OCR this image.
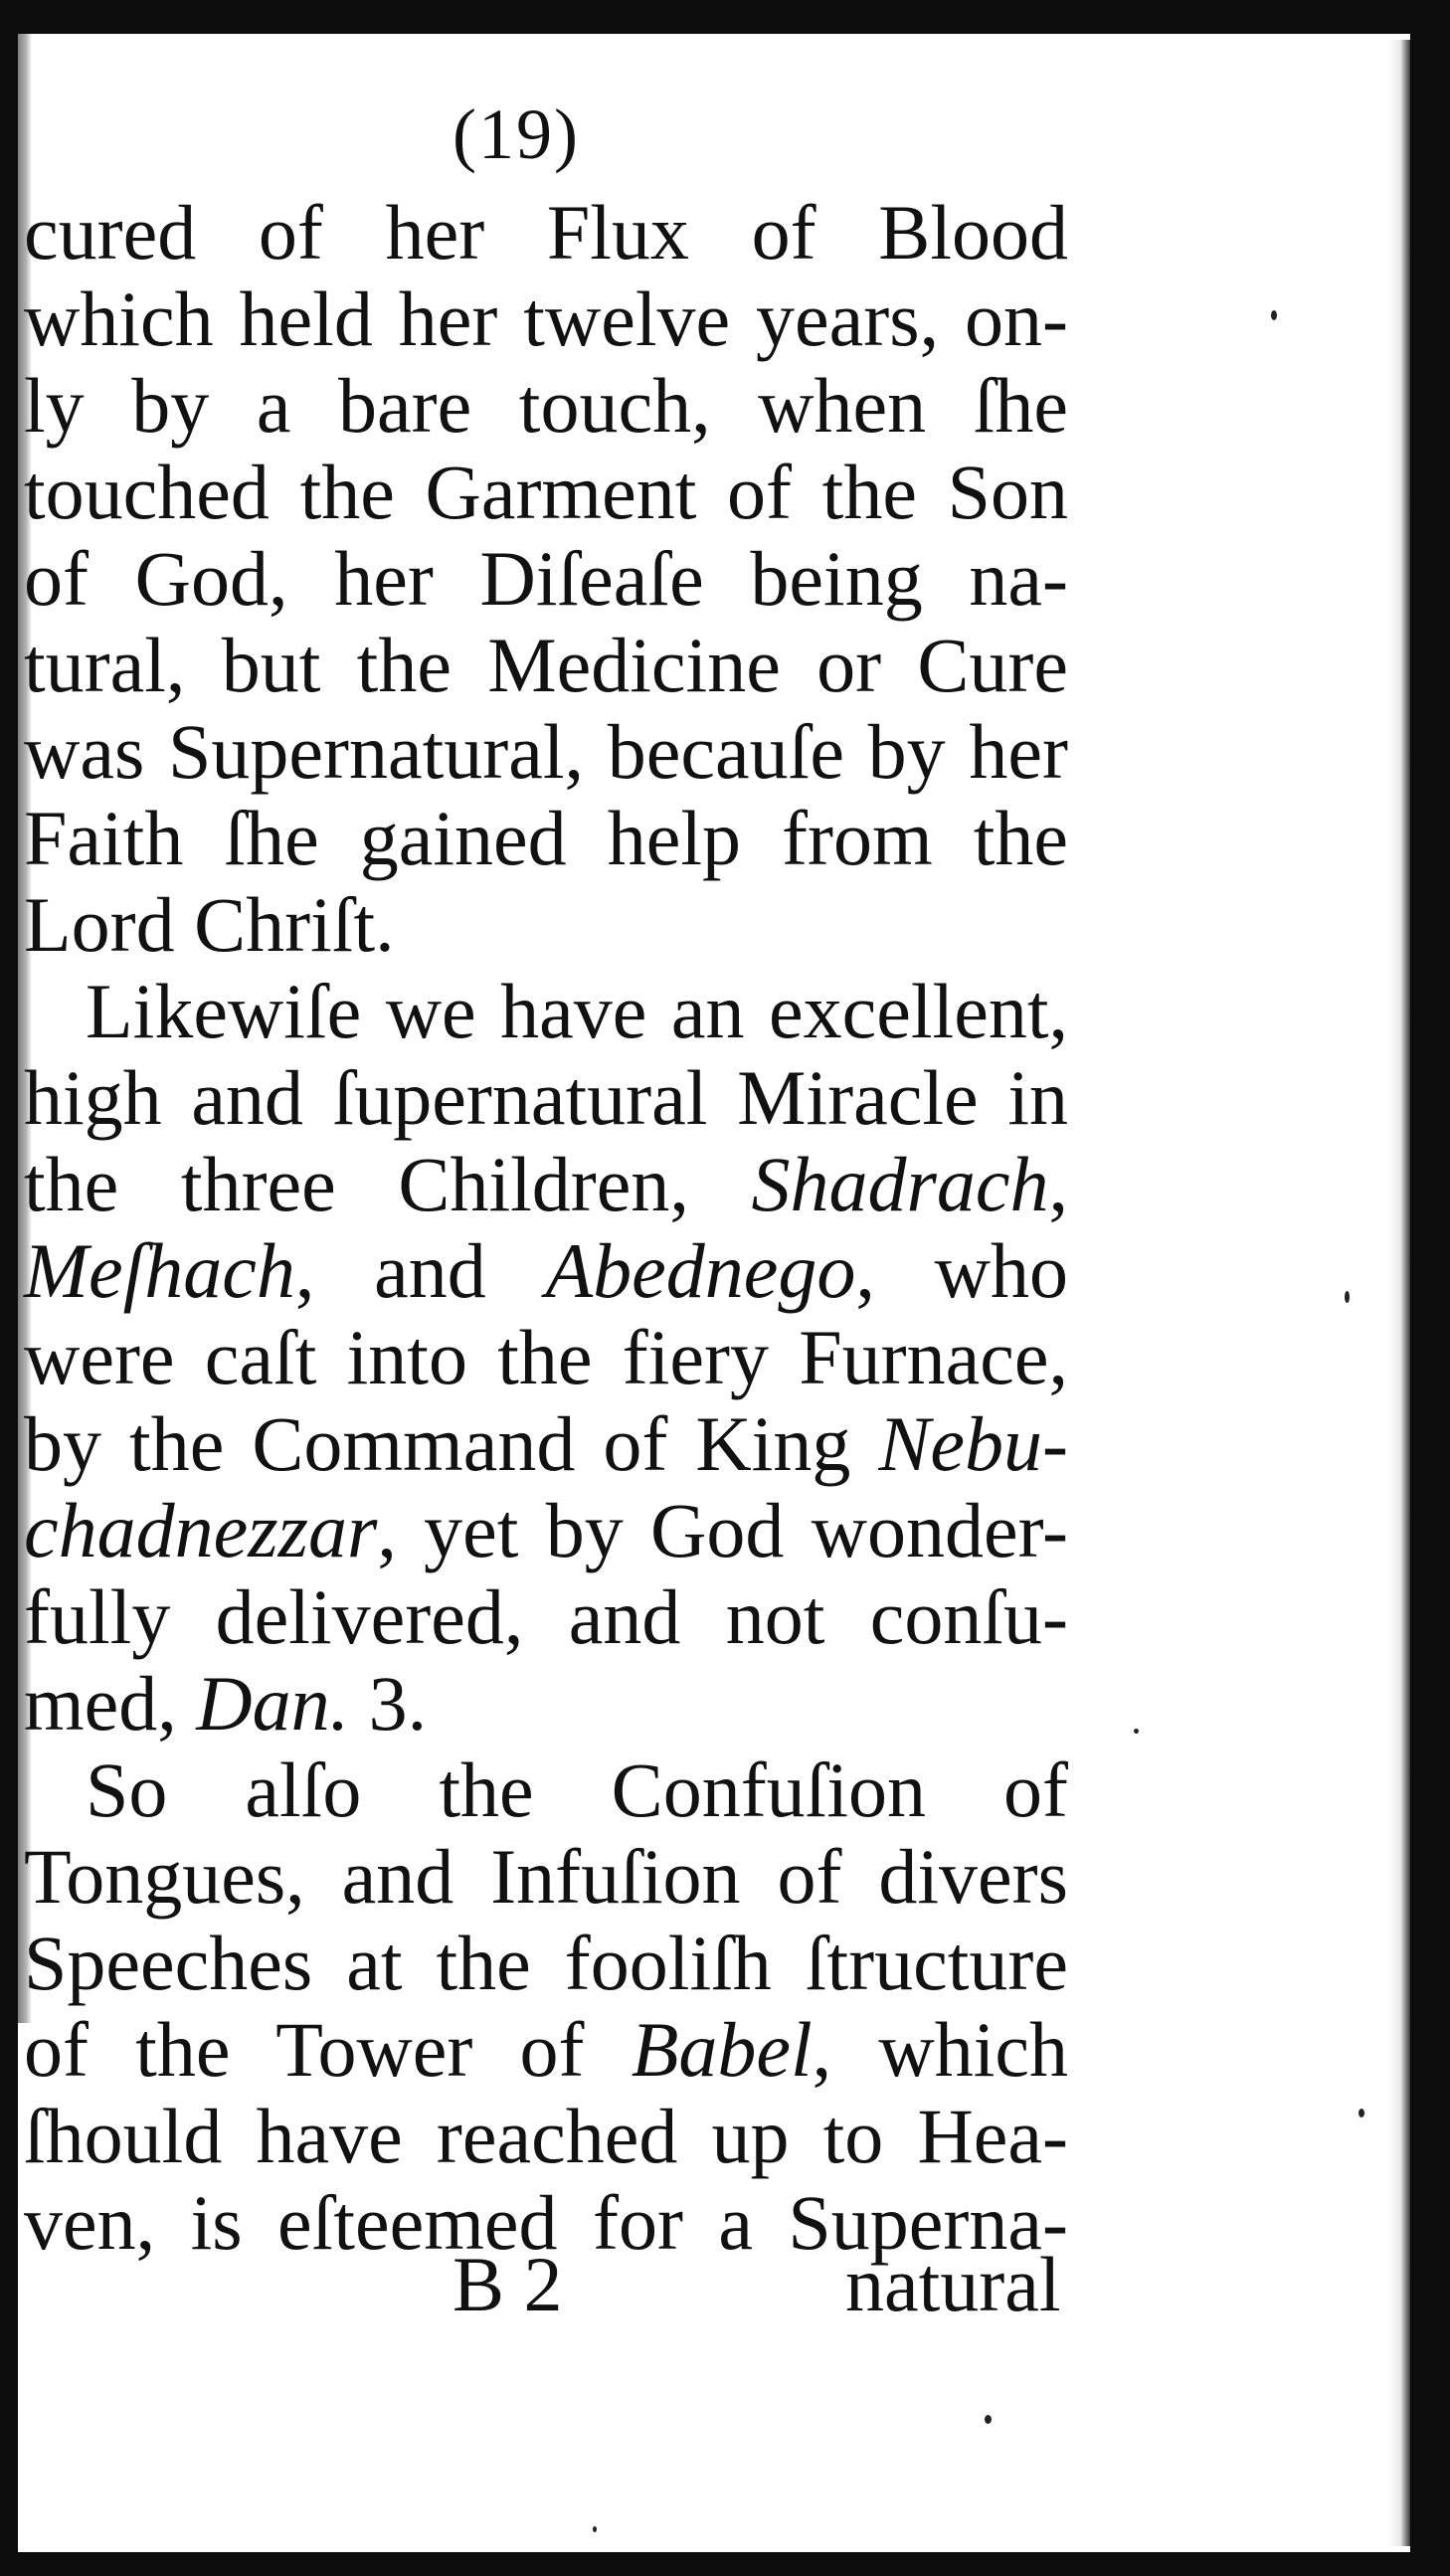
(19)
cured of her Flux of Blood
which held her twelve years, on-
ly by a bare touch, when ſhe
touched the Garment of the Son
of God, her Diſeaſe being na-
tural, but the Medicine or Cure
was Supernatural, becauſe by her
Faith ſhe gained help from the
Lord Chriſt.
Likewiſe we have an excellent,
high and ſupernatural Miracle in
the three Children, Shadrach,
Meſhach, and Abednego, who
were caſt into the fiery Furnace,
by the Command of King Nebu-
chadnezzar, yet by God wonder-
fully delivered, and not conſu-
med, Dan. 3.
So alſo the Confuſion of
Tongues, and Infuſion of divers
Speeches at the fooliſh ſtructure
of the Tower of Babel, which
ſhould have reached up to Hea-
ven, is eſteemed for a Superna-
B 2	natural
